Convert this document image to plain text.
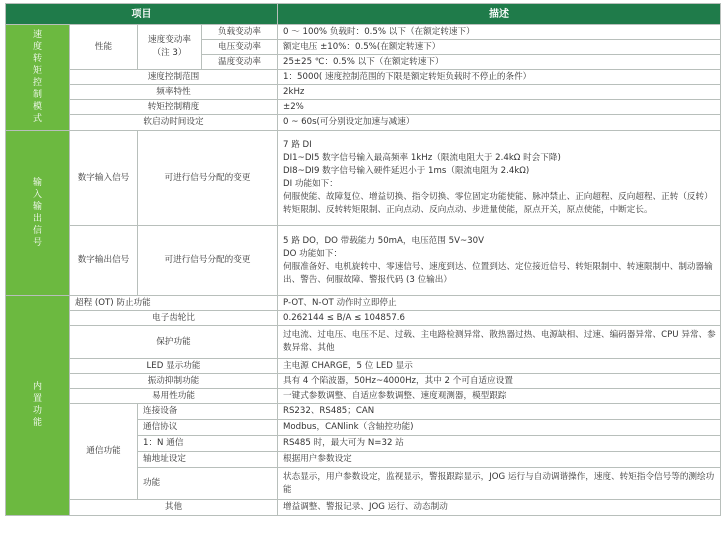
项目				描述
速度转矩控制模式	性能	速度变动率（注 3）	负载变动率	0 ～ 100% 负载时：0.5% 以下（在额定转速下）
			电压变动率	额定电压 ±10%：0.5%(在额定转速下）
			温度变动率	25±25 ℃：0.5% 以下（在额定转速下）
	速度控制范围			1：5000( 速度控制范围的下限是额定转矩负载时不停止的条件）
	频率特性			2kHz
	转矩控制精度			±2%
	软启动时间设定			0 ~ 60s(可分别设定加速与减速）
输入输出信号	数字输入信号	可进行信号分配的变更		7 路 DI
DI1~DI5 数字信号输入最高频率 1kHz（限流电阻大于 2.4kΩ 时会下降)
DI8~DI9 数字信号输入硬件延迟小于 1ms（限流电阻为 2.4kΩ)
DI 功能如下：
伺服使能、故障复位、增益切换、指令切换、零位固定功能使能、脉冲禁止、正向超程、反向超程、正转（反转）转矩限制、反转转矩限制、正向点动、反向点动、步进量使能，原点开关，原点使能，中断定长。

	数字输出信号	可进行信号分配的变更		5 路 DO，DO 带载能力 50mA，电压范围 5V~30V
DO 功能如下：
伺服准备好、电机旋转中、零速信号、速度到达、位置到达、定位接近信号、转矩限制中、转速限制中、制动器输出、警告、伺服故障、警报代码 (3 位输出）

内置功能	超程 (OT) 防止功能			P-OT、N-OT 动作时立即停止
	电子齿轮比			0.262144 ≤ B/A ≤ 104857.6
	保护功能			过电流、过电压、电压不足、过载、主电路检测异常、散热器过热、电源缺相、过速、编码器异常、CPU 异常、参数异常、其他
	LED 显示功能			主电源 CHARGE，5 位 LED 显示
	振动抑制功能			具有 4 个陷波器，50Hz~4000Hz，其中 2 个可自适应设置
	易用性功能			一键式参数调整、自适应参数调整、速度观测器，模型跟踪
	通信功能	连接设备		RS232、RS485；CAN
		通信协议		Modbus，CANlink（含轴控功能)
		1：N 通信		RS485 时，最大可为 N=32 站
		轴地址设定		根据用户参数设定
		功能		状态显示，用户参数设定，监视显示，警报跟踪显示，JOG 运行与自动调谐操作，速度、转矩指令信号等的测绘功能
	其他			增益调整、警报记录、JOG 运行、动态制动
